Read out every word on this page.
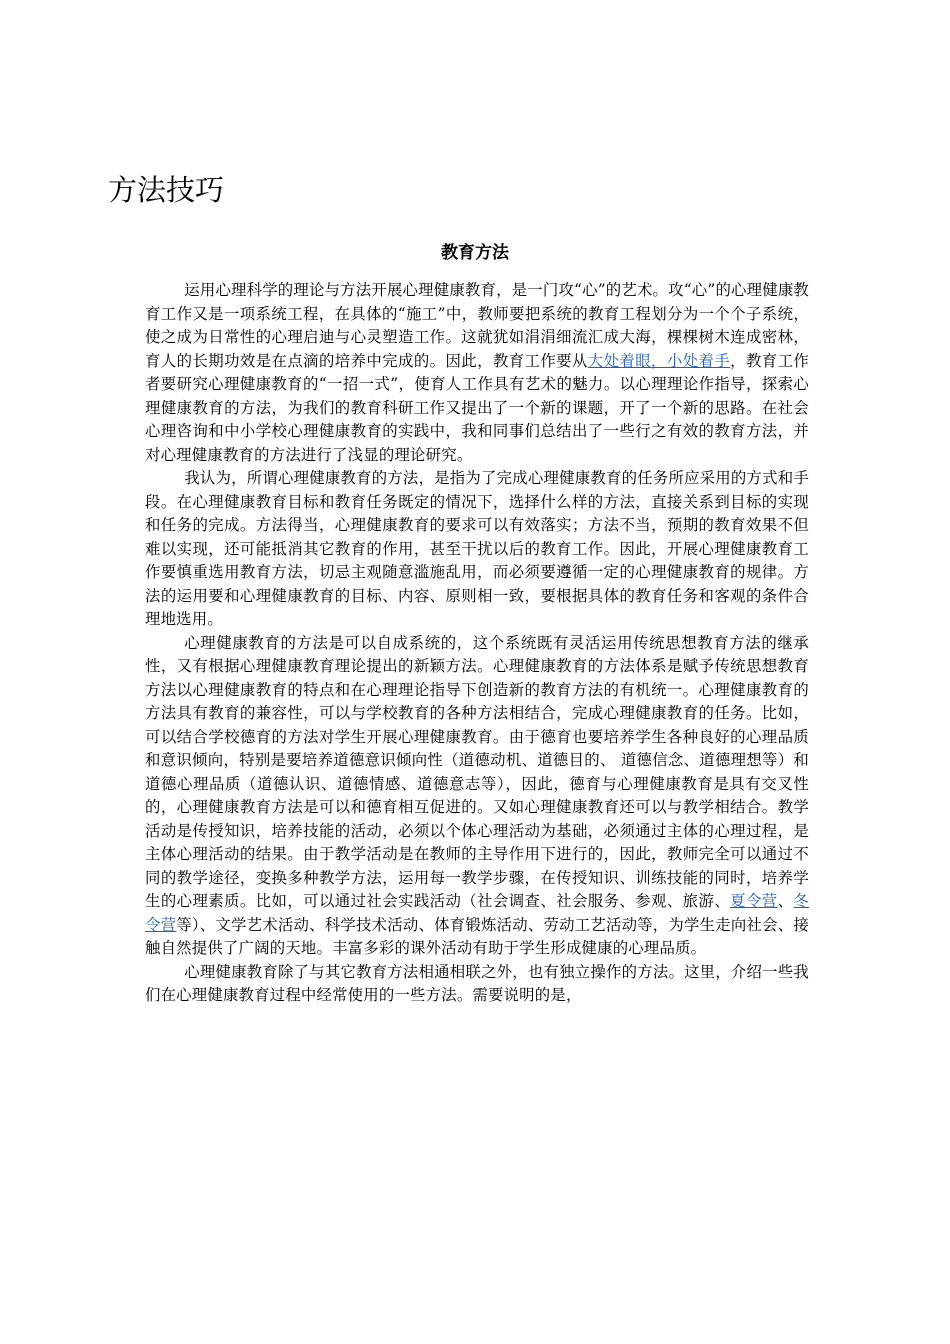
方法技巧
教育方法

运用心理科学的理论与方法开展心理健康教育，是一门攻“心”的艺术。攻“心”的心理健康教育工作又是一项系统工程，在具体的“施工”中，教师要把系统的教育工程划分为一个个子系统，使之成为日常性的心理启迪与心灵塑造工作。这就犹如涓涓细流汇成大海，棵棵树木连成密林，育人的长期功效是在点滴的培养中完成的。因此，教育工作要从大处着眼，小处着手，教育工作者要研究心理健康教育的“一招一式”，使育人工作具有艺术的魅力。以心理理论作指导，探索心理健康教育的方法，为我们的教育科研工作又提出了一个新的课题，开了一个新的思路。在社会心理咨询和中小学校心理健康教育的实践中，我和同事们总结出了一些行之有效的教育方法，并对心理健康教育的方法进行了浅显的理论研究。

我认为，所谓心理健康教育的方法，是指为了完成心理健康教育的任务所应采用的方式和手段。在心理健康教育目标和教育任务既定的情况下，选择什么样的方法，直接关系到目标的实现和任务的完成。方法得当，心理健康教育的要求可以有效落实；方法不当，预期的教育效果不但难以实现，还可能抵消其它教育的作用，甚至干扰以后的教育工作。因此，开展心理健康教育工作要慎重选用教育方法，切忌主观随意滥施乱用，而必须要遵循一定的心理健康教育的规律。方法的运用要和心理健康教育的目标、内容、原则相一致，要根据具体的教育任务和客观的条件合理地选用。

心理健康教育的方法是可以自成系统的，这个系统既有灵活运用传统思想教育方法的继承性，又有根据心理健康教育理论提出的新颖方法。心理健康教育的方法体系是赋予传统思想教育方法以心理健康教育的特点和在心理理论指导下创造新的教育方法的有机统一。心理健康教育的方法具有教育的兼容性，可以与学校教育的各种方法相结合，完成心理健康教育的任务。比如，可以结合学校德育的方法对学生开展心理健康教育。由于德育也要培养学生各种良好的心理品质和意识倾向，特别是要培养道德意识倾向性（道德动机、道德目的、 道德信念、道德理想等）和道德心理品质（道德认识、道德情感、道德意志等），因此，德育与心理健康教育是具有交叉性的，心理健康教育方法是可以和德育相互促进的。又如心理健康教育还可以与教学相结合。教学活动是传授知识，培养技能的活动，必须以个体心理活动为基础，必须通过主体的心理过程，是主体心理活动的结果。由于教学活动是在教师的主导作用下进行的，因此，教师完全可以通过不同的教学途径，变换多种教学方法，运用每一教学步骤，在传授知识、训练技能的同时，培养学生的心理素质。比如，可以通过社会实践活动（社会调查、社会服务、参观、旅游、夏令营、冬令营等）、文学艺术活动、科学技术活动、体育锻炼活动、劳动工艺活动等，为学生走向社会、接触自然提供了广阔的天地。丰富多彩的课外活动有助于学生形成健康的心理品质。

心理健康教育除了与其它教育方法相通相联之外，也有独立操作的方法。这里，介绍一些我们在心理健康教育过程中经常使用的一些方法。需要说明的是，
